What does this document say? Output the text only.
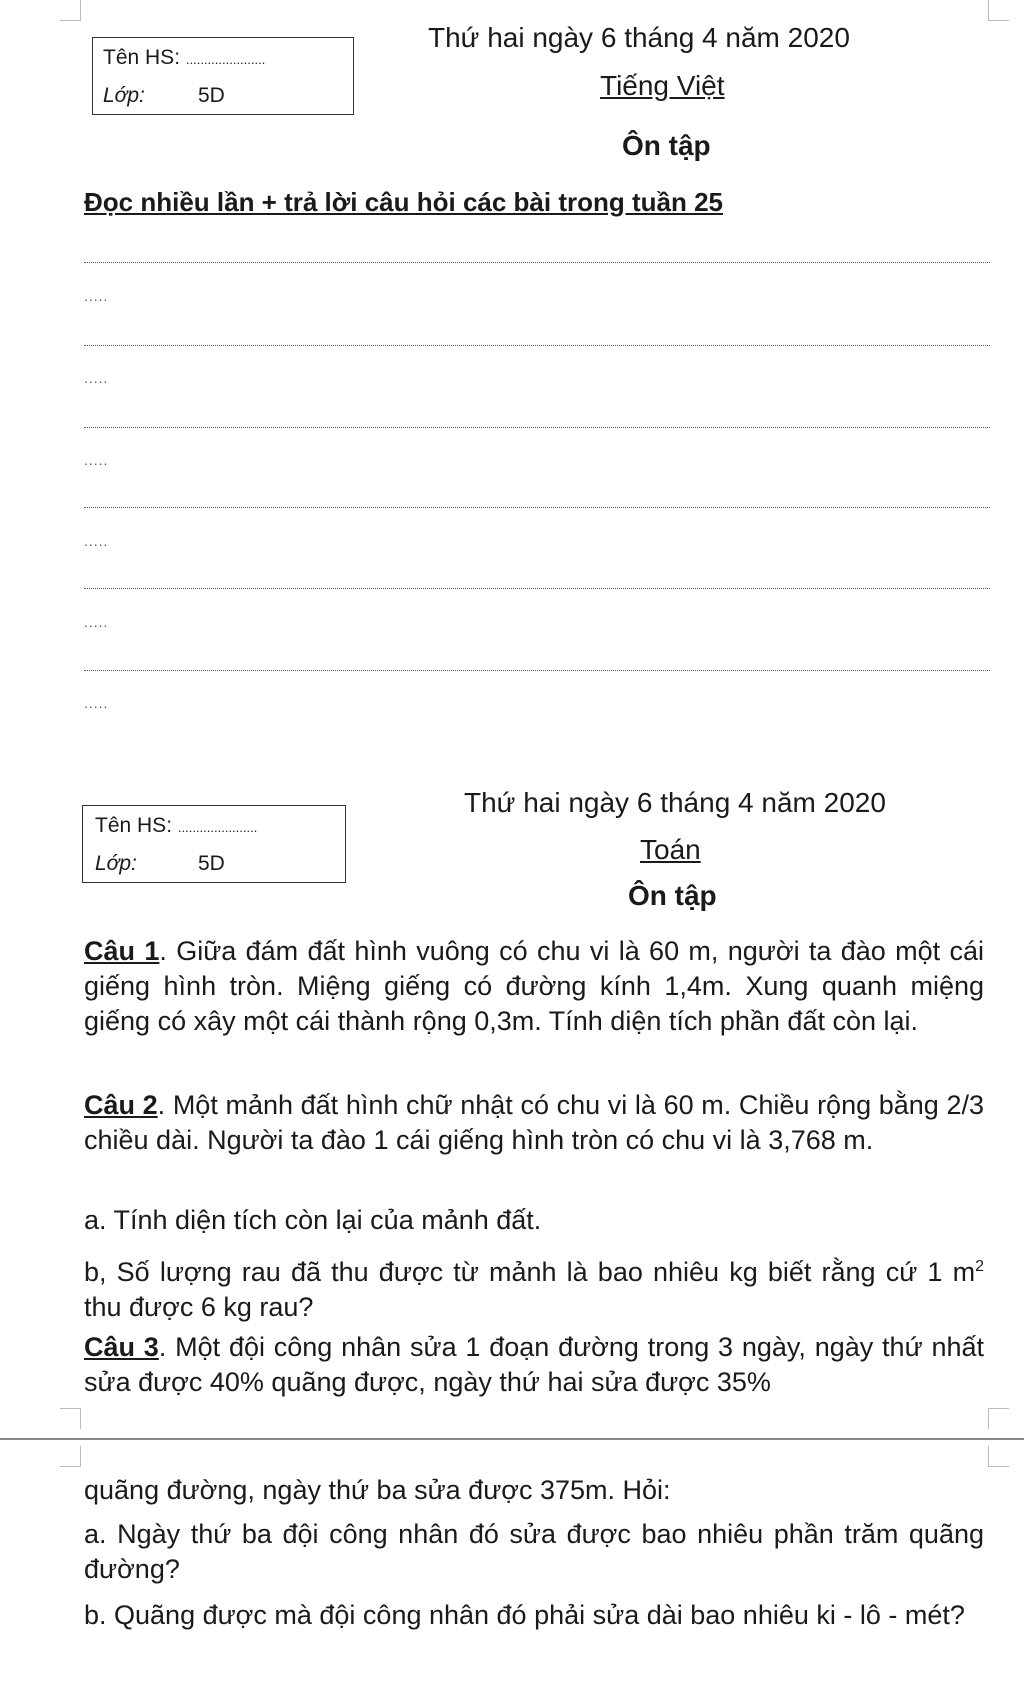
Tên HS: ......................
Lớp:	5D
Thứ hai ngày 6 tháng 4 năm 2020
Tiếng Việt
Ôn tập
Đọc nhiều lần + trả lời câu hỏi các bài trong tuần 25
.....
.....
.....
.....
.....
.....
Tên HS: ......................
Lớp:	5D
Thứ hai ngày 6 tháng 4 năm 2020
Toán
Ôn tập
Câu 1. Giữa đám đất hình vuông có chu vi là 60 m, người ta đào một cái giếng hình tròn. Miệng giếng có đường kính 1,4m. Xung quanh miệng giếng có xây một cái thành rộng 0,3m. Tính diện tích phần đất còn lại.
Câu 2. Một mảnh đất hình chữ nhật có chu vi là 60 m. Chiều rộng bằng 2/3 chiều dài. Người ta đào 1 cái giếng hình tròn có chu vi là 3,768 m.
a. Tính diện tích còn lại của mảnh đất.
b, Số lượng rau đã thu được từ mảnh là bao nhiêu kg biết rằng cứ 1 $m^2$ thu được 6 kg rau?
Câu 3. Một đội công nhân sửa 1 đoạn đường trong 3 ngày, ngày thứ nhất sửa được 40% quãng được, ngày thứ hai sửa được 35%
quãng đường, ngày thứ ba sửa được 375m. Hỏi:
a. Ngày thứ ba đội công nhân đó sửa được bao nhiêu phần trăm quãng đường?
b. Quãng được mà đội công nhân đó phải sửa dài bao nhiêu ki - lô - mét?
